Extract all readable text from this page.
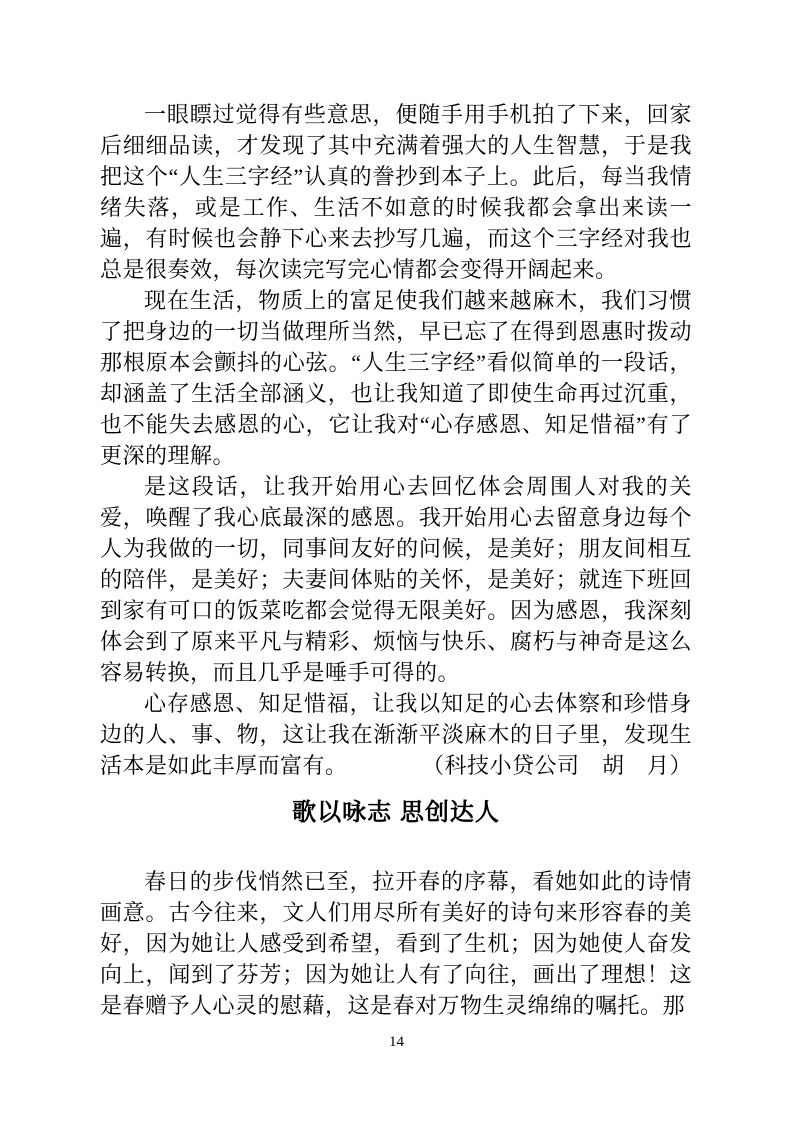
一眼瞟过觉得有些意思，便随手用手机拍了下来，回家后细细品读，才发现了其中充满着强大的人生智慧，于是我把这个“人生三字经”认真的誊抄到本子上。此后，每当我情绪失落，或是工作、生活不如意的时候我都会拿出来读一遍，有时候也会静下心来去抄写几遍，而这个三字经对我也总是很奏效，每次读完写完心情都会变得开阔起来。

现在生活，物质上的富足使我们越来越麻木，我们习惯了把身边的一切当做理所当然，早已忘了在得到恩惠时拨动那根原本会颤抖的心弦。“人生三字经”看似简单的一段话，却涵盖了生活全部涵义，也让我知道了即使生命再过沉重，也不能失去感恩的心，它让我对“心存感恩、知足惜福”有了更深的理解。

是这段话，让我开始用心去回忆体会周围人对我的关爱，唤醒了我心底最深的感恩。我开始用心去留意身边每个人为我做的一切，同事间友好的问候，是美好；朋友间相互的陪伴，是美好；夫妻间体贴的关怀，是美好；就连下班回到家有可口的饭菜吃都会觉得无限美好。因为感恩，我深刻体会到了原来平凡与精彩、烦恼与快乐、腐朽与神奇是这么容易转换，而且几乎是唾手可得的。

心存感恩、知足惜福，让我以知足的心去体察和珍惜身边的人、事、物，这让我在渐渐平淡麻木的日子里，发现生活本是如此丰厚而富有。	（科技小贷公司　胡　月）

歌以咏志 思创达人

春日的步伐悄然已至，拉开春的序幕，看她如此的诗情画意。古今往来，文人们用尽所有美好的诗句来形容春的美好，因为她让人感受到希望，看到了生机；因为她使人奋发向上，闻到了芬芳；因为她让人有了向往，画出了理想！这是春赠予人心灵的慰藉，这是春对万物生灵绵绵的嘱托。那

14
